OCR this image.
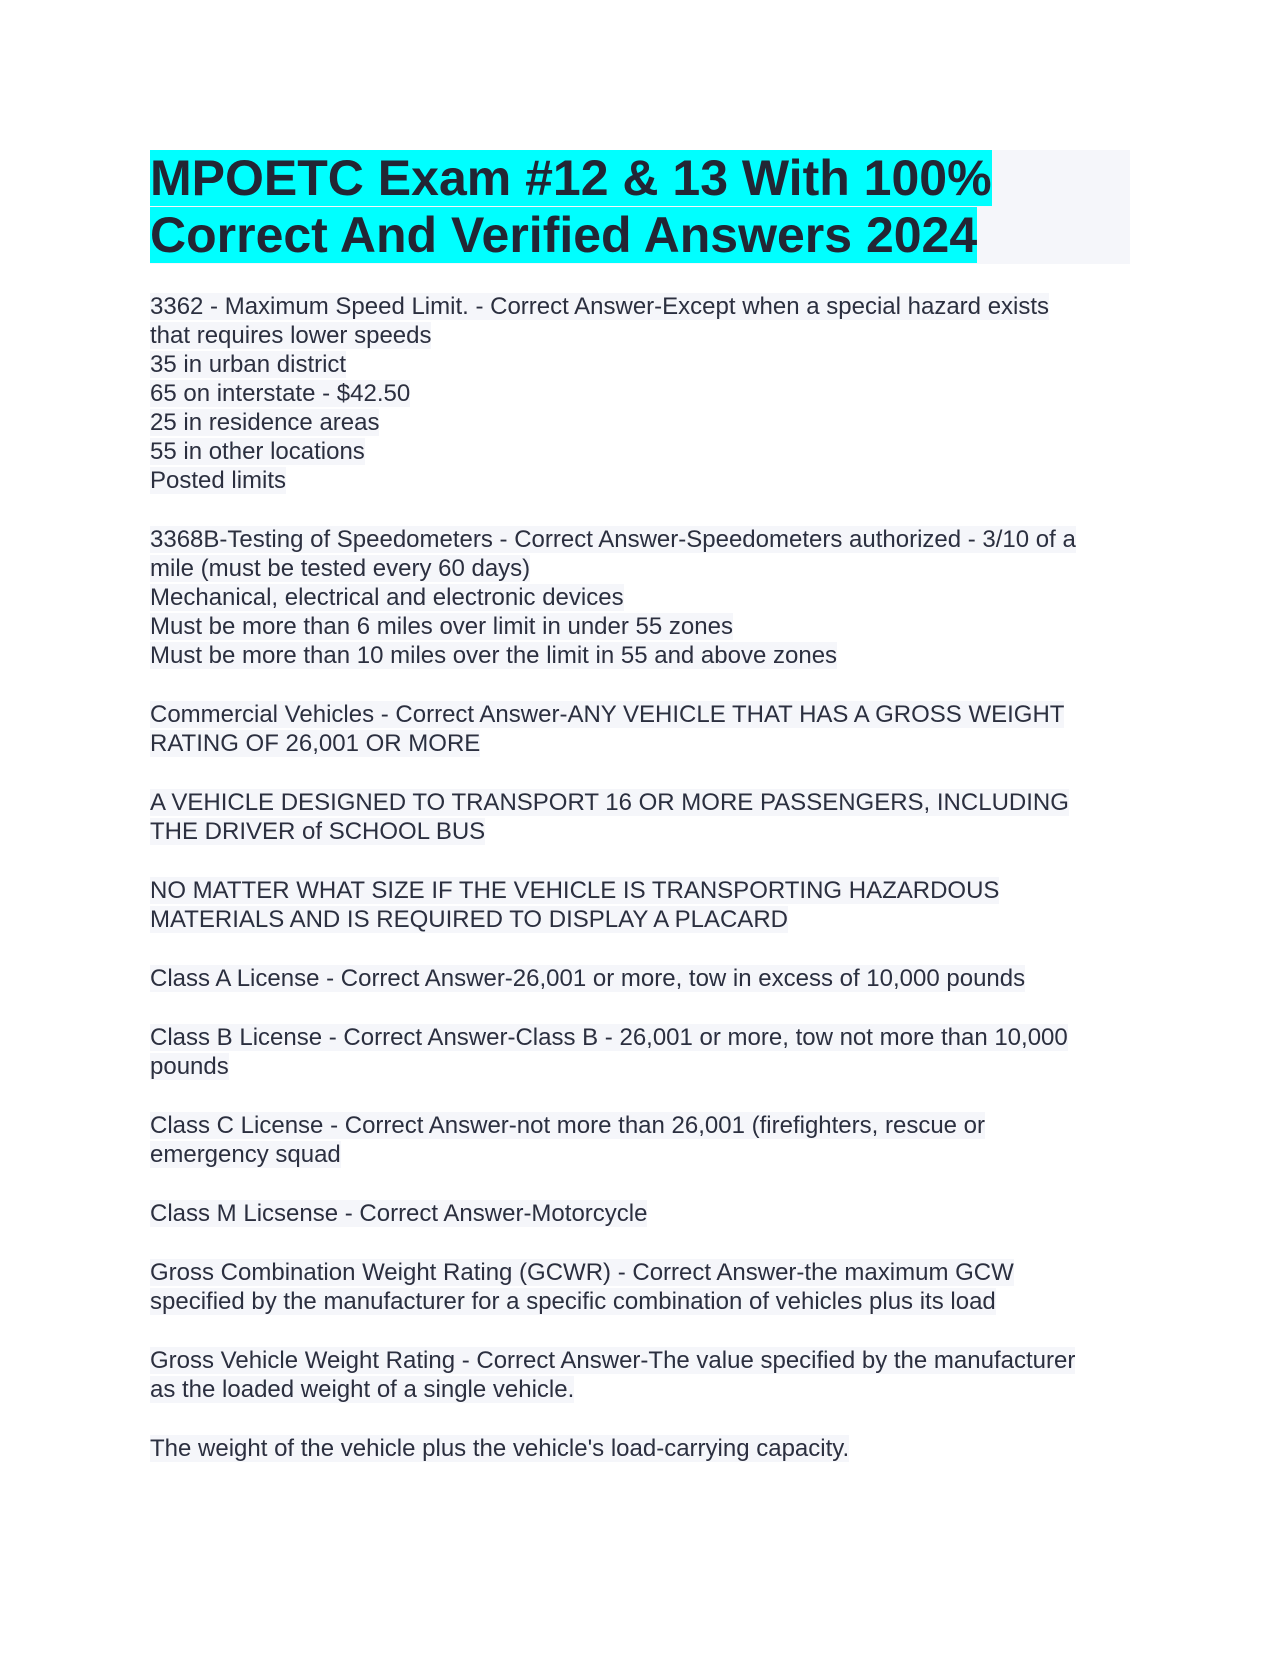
MPOETC Exam #12 & 13 With 100%
Correct And Verified Answers 2024
3362 - Maximum Speed Limit. - Correct Answer-Except when a special hazard exists
that requires lower speeds
35 in urban district
65 on interstate - $42.50
25 in residence areas
55 in other locations
Posted limits
3368B-Testing of Speedometers - Correct Answer-Speedometers authorized - 3/10 of a
mile (must be tested every 60 days)
Mechanical, electrical and electronic devices
Must be more than 6 miles over limit in under 55 zones
Must be more than 10 miles over the limit in 55 and above zones
Commercial Vehicles - Correct Answer-ANY VEHICLE THAT HAS A GROSS WEIGHT
RATING OF 26,001 OR MORE
A VEHICLE DESIGNED TO TRANSPORT 16 OR MORE PASSENGERS, INCLUDING
THE DRIVER of SCHOOL BUS
NO MATTER WHAT SIZE IF THE VEHICLE IS TRANSPORTING HAZARDOUS
MATERIALS AND IS REQUIRED TO DISPLAY A PLACARD
Class A License - Correct Answer-26,001 or more, tow in excess of 10,000 pounds
Class B License - Correct Answer-Class B - 26,001 or more, tow not more than 10,000
pounds
Class C License - Correct Answer-not more than 26,001 (firefighters, rescue or
emergency squad
Class M Licsense - Correct Answer-Motorcycle
Gross Combination Weight Rating (GCWR) - Correct Answer-the maximum GCW
specified by the manufacturer for a specific combination of vehicles plus its load
Gross Vehicle Weight Rating - Correct Answer-The value specified by the manufacturer
as the loaded weight of a single vehicle.
The weight of the vehicle plus the vehicle's load-carrying capacity.
